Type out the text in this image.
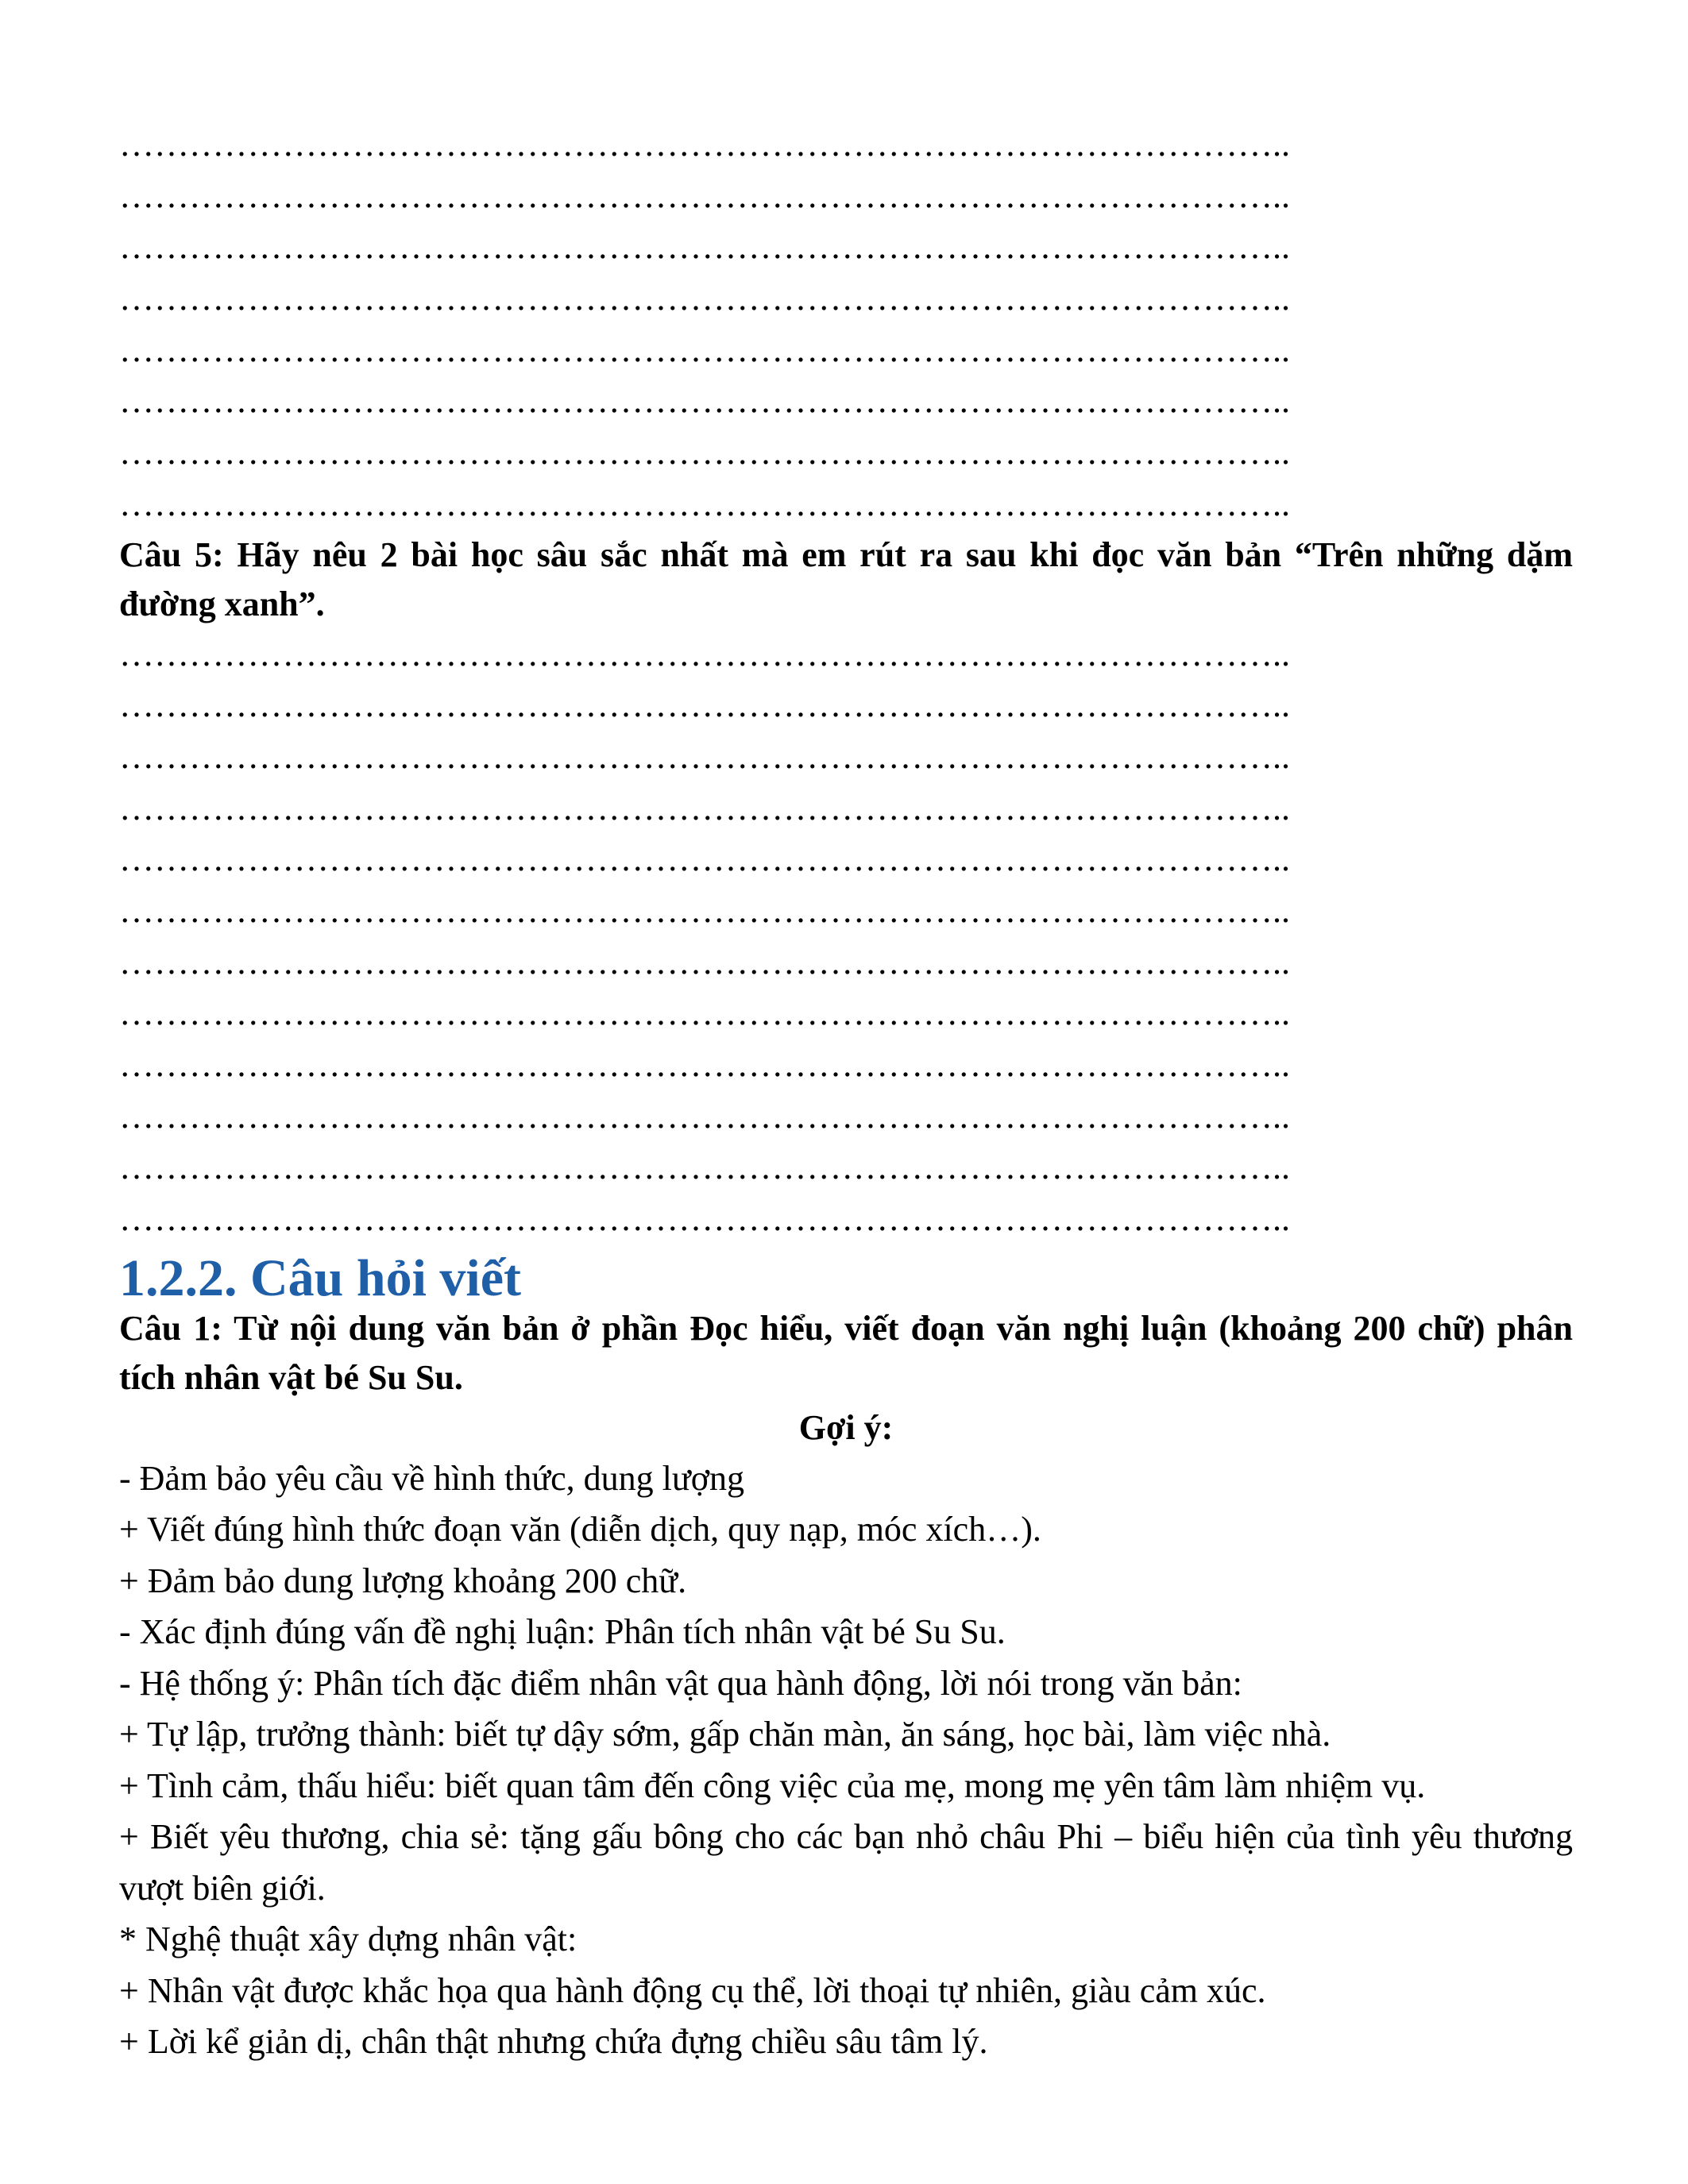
………………………………………………………………………………………..
………………………………………………………………………………………..
………………………………………………………………………………………..
………………………………………………………………………………………..
………………………………………………………………………………………..
………………………………………………………………………………………..
………………………………………………………………………………………..
………………………………………………………………………………………..

Câu 5: Hãy nêu 2 bài học sâu sắc nhất mà em rút ra sau khi đọc văn bản “Trên những dặm đường xanh”.

………………………………………………………………………………………..
………………………………………………………………………………………..
………………………………………………………………………………………..
………………………………………………………………………………………..
………………………………………………………………………………………..
………………………………………………………………………………………..
………………………………………………………………………………………..
………………………………………………………………………………………..
………………………………………………………………………………………..
………………………………………………………………………………………..
………………………………………………………………………………………..
………………………………………………………………………………………..
1.2.2. Câu hỏi viết

Câu 1: Từ nội dung văn bản ở phần Đọc hiểu, viết đoạn văn nghị luận (khoảng 200 chữ) phân tích nhân vật bé Su Su.

Gợi ý:

- Đảm bảo yêu cầu về hình thức, dung lượng

+ Viết đúng hình thức đoạn văn (diễn dịch, quy nạp, móc xích…).

+ Đảm bảo dung lượng khoảng 200 chữ.

- Xác định đúng vấn đề nghị luận: Phân tích nhân vật bé Su Su.

- Hệ thống ý: Phân tích đặc điểm nhân vật qua hành động, lời nói trong văn bản:

+ Tự lập, trưởng thành: biết tự dậy sớm, gấp chăn màn, ăn sáng, học bài, làm việc nhà.

+ Tình cảm, thấu hiểu: biết quan tâm đến công việc của mẹ, mong mẹ yên tâm làm nhiệm vụ.

+ Biết yêu thương, chia sẻ: tặng gấu bông cho các bạn nhỏ châu Phi – biểu hiện của tình yêu thương vượt biên giới.

* Nghệ thuật xây dựng nhân vật:

+ Nhân vật được khắc họa qua hành động cụ thể, lời thoại tự nhiên, giàu cảm xúc.

+ Lời kể giản dị, chân thật nhưng chứa đựng chiều sâu tâm lý.
